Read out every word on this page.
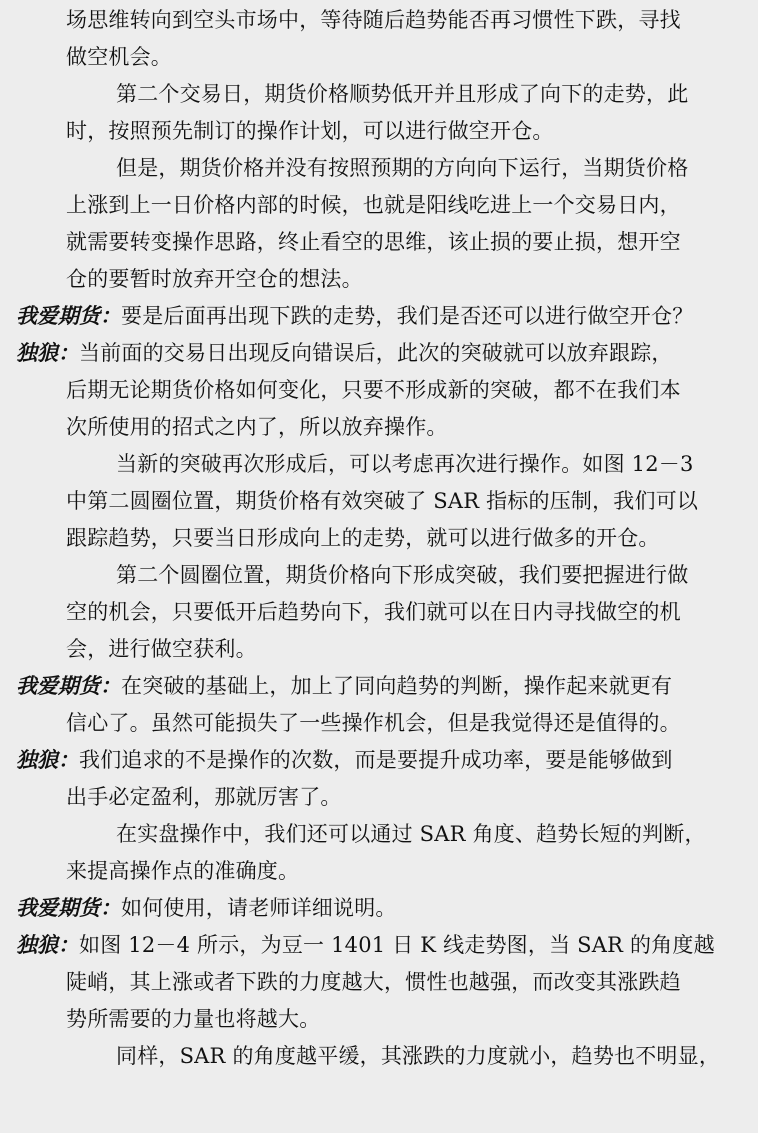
场思维转向到空头市场中，等待随后趋势能否再习惯性下跌，寻找
做空机会。
第二个交易日，期货价格顺势低开并且形成了向下的走势，此
时，按照预先制订的操作计划，可以进行做空开仓。
但是，期货价格并没有按照预期的方向向下运行，当期货价格
上涨到上一日价格内部的时候，也就是阳线吃进上一个交易日内，
就需要转变操作思路，终止看空的思维，该止损的要止损，想开空
仓的要暂时放弃开空仓的想法。
我爱期货：要是后面再出现下跌的走势，我们是否还可以进行做空开仓？
独狼：当前面的交易日出现反向错误后，此次的突破就可以放弃跟踪，
后期无论期货价格如何变化，只要不形成新的突破，都不在我们本
次所使用的招式之内了，所以放弃操作。
当新的突破再次形成后，可以考虑再次进行操作。如图 12－3
中第二圆圈位置，期货价格有效突破了 SAR 指标的压制，我们可以
跟踪趋势，只要当日形成向上的走势，就可以进行做多的开仓。
第二个圆圈位置，期货价格向下形成突破，我们要把握进行做
空的机会，只要低开后趋势向下，我们就可以在日内寻找做空的机
会，进行做空获利。
我爱期货：在突破的基础上，加上了同向趋势的判断，操作起来就更有
信心了。虽然可能损失了一些操作机会，但是我觉得还是值得的。
独狼：我们追求的不是操作的次数，而是要提升成功率，要是能够做到
出手必定盈利，那就厉害了。
在实盘操作中，我们还可以通过 SAR 角度、趋势长短的判断，
来提高操作点的准确度。
我爱期货：如何使用，请老师详细说明。
独狼：如图 12－4 所示，为豆一 1401 日 K 线走势图，当 SAR 的角度越
陡峭，其上涨或者下跌的力度越大，惯性也越强，而改变其涨跌趋
势所需要的力量也将越大。
同样，SAR 的角度越平缓，其涨跌的力度就小，趋势也不明显，
